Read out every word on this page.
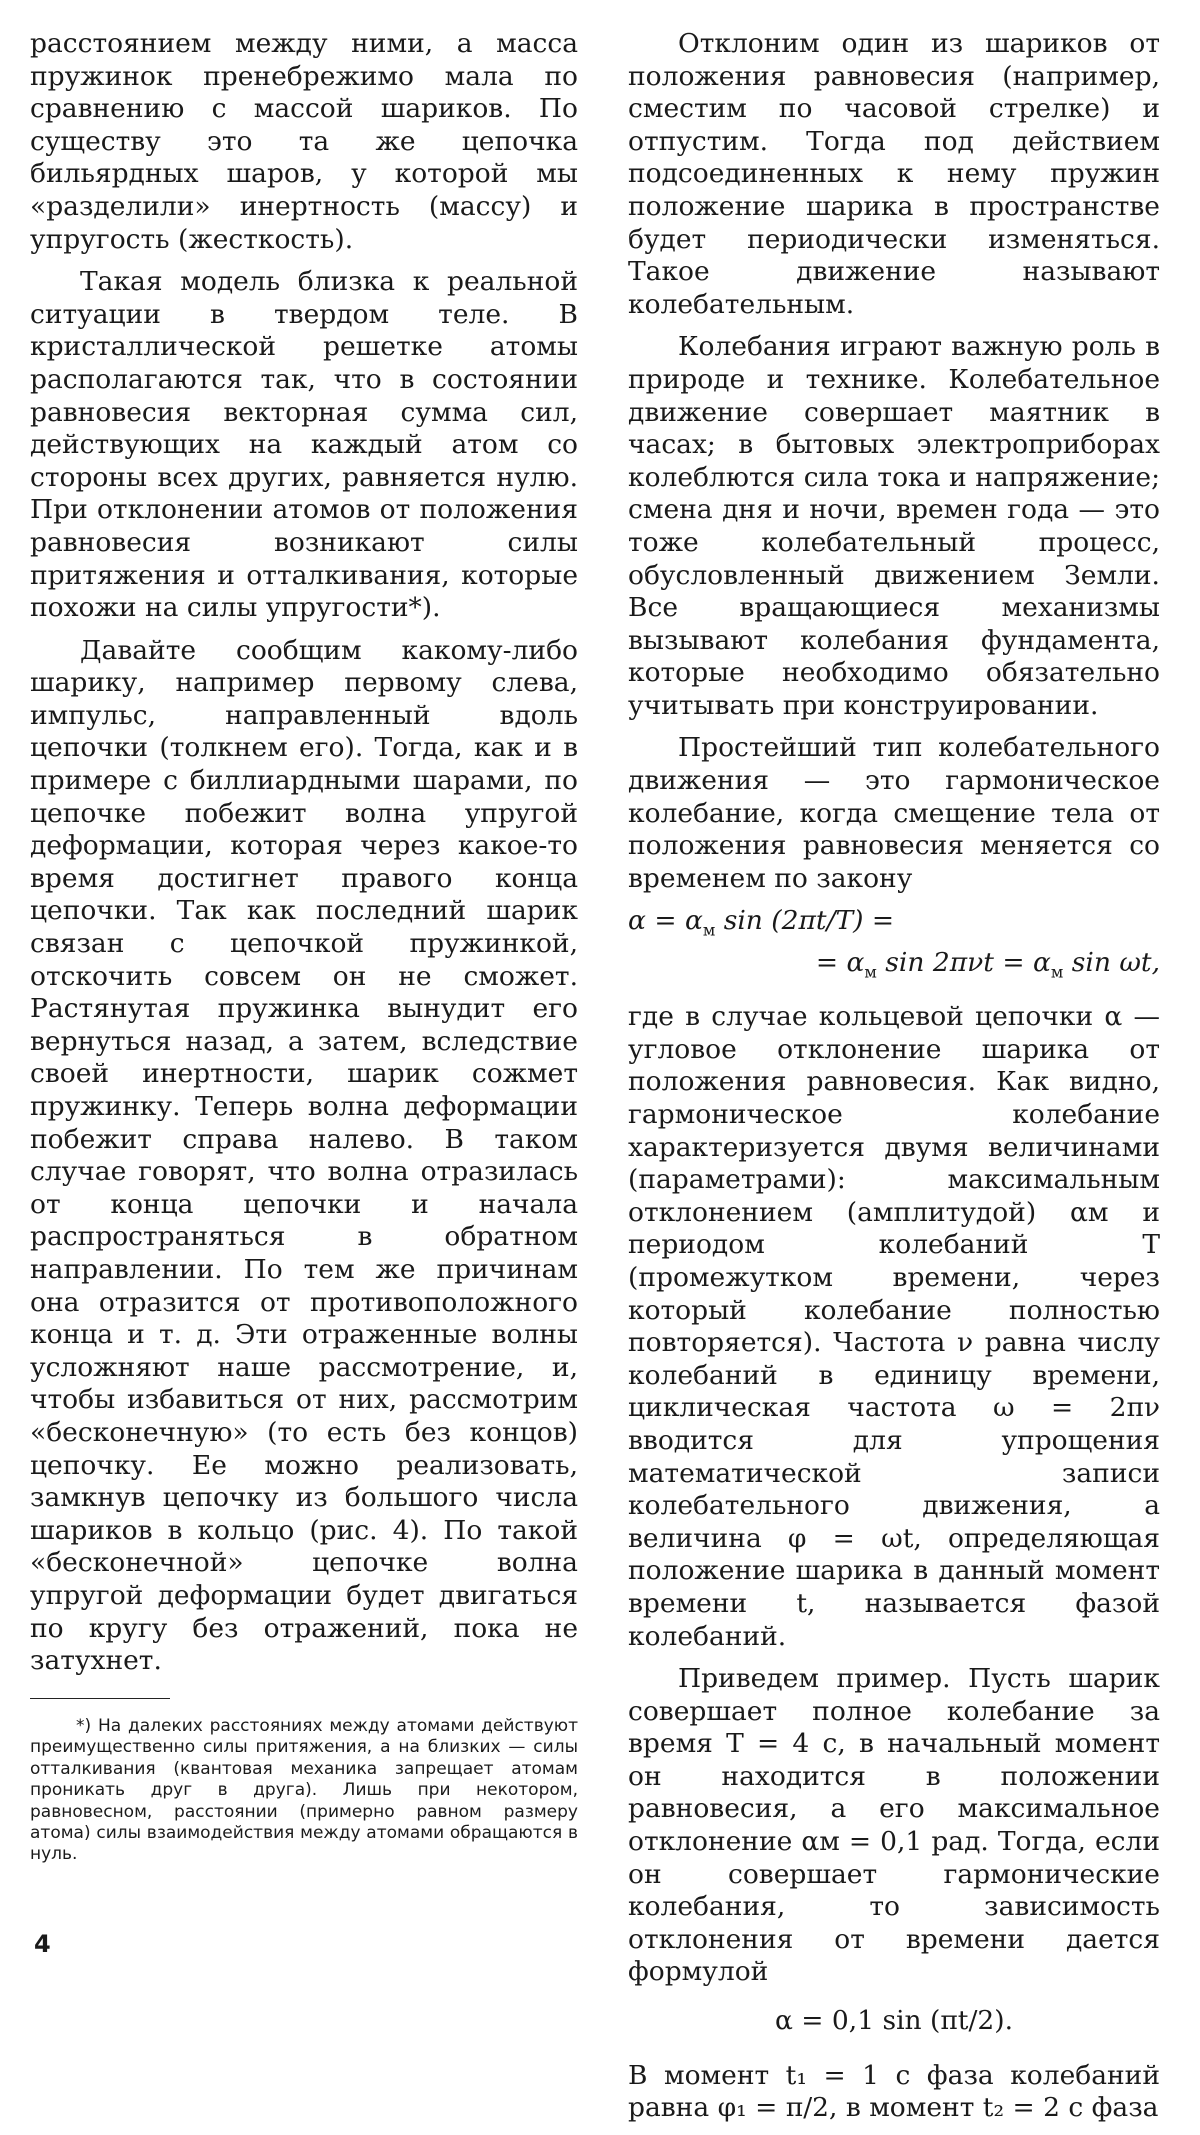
расстоянием между ними, а масса пружинок пренебрежимо мала по сравнению с массой шариков. По существу это та же цепочка бильярдных шаров, у которой мы «разделили» инертность (массу) и упругость (жесткость).

Такая модель близка к реальной ситуации в твердом теле. В кристаллической решетке атомы располагаются так, что в состоянии равновесия векторная сумма сил, действующих на каждый атом со стороны всех других, равняется нулю. При отклонении атомов от положения равновесия возникают силы притяжения и отталкивания, которые похожи на силы упругости*).

Давайте сообщим какому-либо шарику, например первому слева, импульс, направленный вдоль цепочки (толкнем его). Тогда, как и в примере с биллиардными шарами, по цепочке побежит волна упругой деформации, которая через какое-то время достигнет правого конца цепочки. Так как последний шарик связан с цепочкой пружинкой, отскочить совсем он не сможет. Растянутая пружинка вынудит его вернуться назад, а затем, вследствие своей инертности, шарик сожмет пружинку. Теперь волна деформации побежит справа налево. В таком случае говорят, что волна отразилась от конца цепочки и начала распространяться в обратном направлении. По тем же причинам она отразится от противоположного конца и т. д. Эти отраженные волны усложняют наше рассмотрение, и, чтобы избавиться от них, рассмотрим «бесконечную» (то есть без концов) цепочку. Ее можно реализовать, замкнув цепочку из большого числа шариков в кольцо (рис. 4). По такой «бесконечной» цепочке волна упругой деформации будет двигаться по кругу без отражений, пока не затухнет.

*) На далеких расстояниях между атомами действуют преимущественно силы притяжения, а на близких — силы отталкивания (квантовая механика запрещает атомам проникать друг в друга). Лишь при некотором, равновесном, расстоянии (примерно равном размеру атома) силы взаимодействия между атомами обращаются в нуль.
4

Отклоним один из шариков от положения равновесия (например, сместим по часовой стрелке) и отпустим. Тогда под действием подсоединенных к нему пружин положение шарика в пространстве будет периодически изменяться. Такое движение называют колебательным.

Колебания играют важную роль в природе и технике. Колебательное движение совершает маятник в часах; в бытовых электроприборах колеблются сила тока и напряжение; смена дня и ночи, времен года — это тоже колебательный процесс, обусловленный движением Земли. Все вращающиеся механизмы вызывают колебания фундамента, которые необходимо обязательно учитывать при конструировании.

Простейший тип колебательного движения — это гармоническое колебание, когда смещение тела от положения равновесия меняется со временем по закону

$\alpha = \alpha_м$ sin (2πt/T) =
= $\alpha_м$ $\sin 2\pi\nu t = \alpha_м$ sin ωt,

где в случае кольцевой цепочки α — угловое отклонение шарика от положения равновесия. Как видно, гармоническое колебание характеризуется двумя величинами (параметрами): максимальным отклонением (амплитудой) αм и периодом колебаний T (промежутком времени, через который колебание полностью повторяется). Частота ν равна числу колебаний в единицу времени, циклическая частота ω = 2πν вводится для упрощения математической записи колебательного движения, а величина φ = ωt, определяющая положение шарика в данный момент времени t, называется фазой колебаний.

Приведем пример. Пусть шарик совершает полное колебание за время T = 4 с, в начальный момент он находится в положении равновесия, а его максимальное отклонение αм = 0,1 рад. Тогда, если он совершает гармонические колебания, то зависимость отклонения от времени дается формулой

α = 0,1 sin (πt/2).

В момент t₁ = 1 с фаза колебаний равна φ₁ = π/2, в момент t₂ = 2 с фаза
